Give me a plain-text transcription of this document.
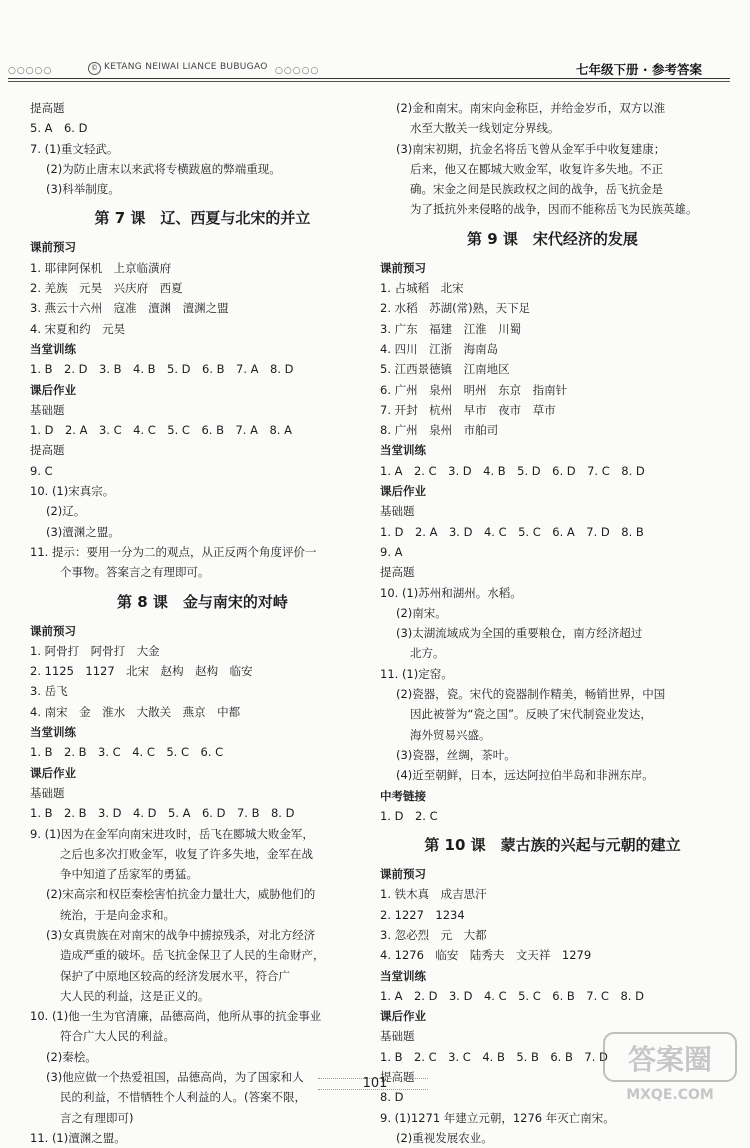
○○○○○	© KETANG NEIWAI LIANCE BUBUGAO ○○○○○	七年级下册 · 参考答案
提高题
5. A　6. D
7. (1)重文轻武。
(2)为防止唐末以来武将专横跋扈的弊端重现。
(3)科举制度。
第 7 课　辽、西夏与北宋的并立
课前预习
1. 耶律阿保机　上京临潢府
2. 羌族　元昊　兴庆府　西夏
3. 燕云十六州　寇准　澶渊　澶渊之盟
4. 宋夏和约　元昊
当堂训练
1. B　2. D　3. B　4. B　5. D　6. B　7. A　8. D
课后作业
基础题
1. D　2. A　3. C　4. C　5. C　6. B　7. A　8. A
提高题
9. C
10. (1)宋真宗。
(2)辽。
(3)澶渊之盟。
11. 提示：要用一分为二的观点，从正反两个角度评价一
个事物。答案言之有理即可。
第 8 课　金与南宋的对峙
课前预习
1. 阿骨打　阿骨打　大金
2. 1125　1127　北宋　赵构　赵构　临安
3. 岳飞
4. 南宋　金　淮水　大散关　燕京　中都
当堂训练
1. B　2. B　3. C　4. C　5. C　6. C
课后作业
基础题
1. B　2. B　3. D　4. D　5. A　6. D　7. B　8. D
9. (1)因为在金军向南宋进攻时，岳飞在郾城大败金军，
之后也多次打败金军，收复了许多失地，金军在战
争中知道了岳家军的勇猛。
(2)宋高宗和权臣秦桧害怕抗金力量壮大，威胁他们的
统治，于是向金求和。
(3)女真贵族在对南宋的战争中掳掠残杀，对北方经济
造成严重的破坏。岳飞抗金保卫了人民的生命财产，
保护了中原地区较高的经济发展水平，符合广
大人民的利益，这是正义的。
10. (1)他一生为官清廉，品德高尚，他所从事的抗金事业
符合广大人民的利益。
(2)秦桧。
(3)他应做一个热爱祖国，品德高尚，为了国家和人
民的利益，不惜牺牲个人利益的人。(答案不限，
言之有理即可)
11. (1)澶渊之盟。
(2)金和南宋。南宋向金称臣，并给金岁币，双方以淮
水至大散关一线划定分界线。
(3)南宋初期，抗金名将岳飞曾从金军手中收复建康；
后来，他又在郾城大败金军，收复许多失地。不正
确。宋金之间是民族政权之间的战争，岳飞抗金是
为了抵抗外来侵略的战争，因而不能称岳飞为民族英雄。
第 9 课　宋代经济的发展
课前预习
1. 占城稻　北宋
2. 水稻　苏湖(常)熟，天下足
3. 广东　福建　江淮　川蜀
4. 四川　江浙　海南岛
5. 江西景德镇　江南地区
6. 广州　泉州　明州　东京　指南针
7. 开封　杭州　早市　夜市　草市
8. 广州　泉州　市舶司
当堂训练
1. A　2. C　3. D　4. B　5. D　6. D　7. C　8. D
课后作业
基础题
1. D　2. A　3. D　4. C　5. C　6. A　7. D　8. B
9. A
提高题
10. (1)苏州和湖州。水稻。
(2)南宋。
(3)太湖流域成为全国的重要粮仓，南方经济超过
北方。
11. (1)定窑。
(2)瓷器，瓷。宋代的瓷器制作精美，畅销世界，中国
因此被誉为“瓷之国”。反映了宋代制瓷业发达，
海外贸易兴盛。
(3)瓷器，丝绸，茶叶。
(4)近至朝鲜，日本，远达阿拉伯半岛和非洲东岸。
中考链接
1. D　2. C
第 10 课　蒙古族的兴起与元朝的建立
课前预习
1. 铁木真　成吉思汗
2. 1227　1234
3. 忽必烈　元　大都
4. 1276　临安　陆秀夫　文天祥　1279
当堂训练
1. A　2. D　3. D　4. C　5. C　6. B　7. C　8. D
课后作业
基础题
1. B　2. C　3. C　4. B　5. B　6. B　7. D
提高题
8. D
9. (1)1271 年建立元朝，1276 年灭亡南宋。
(2)重视发展农业。
101
答案圈
MXQE.COM
